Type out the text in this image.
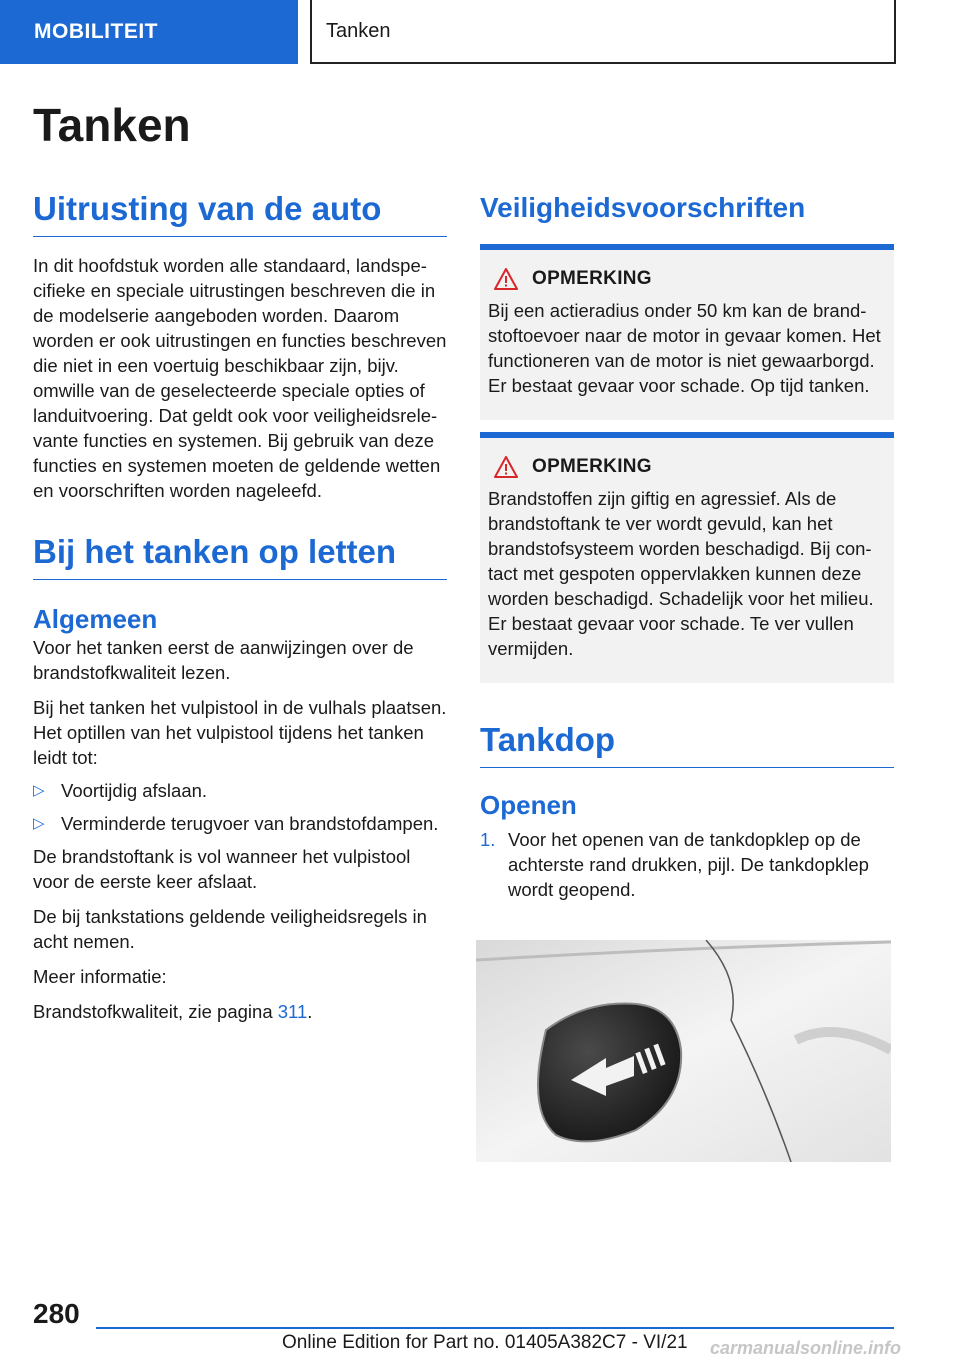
MOBILITEIT	Tanken
Tanken
Uitrusting van de auto

In dit hoofdstuk worden alle standaard, landspecifieke en speciale uitrustingen beschreven die in de modelserie aangeboden worden. Daarom worden er ook uitrustingen en functies beschreven die niet in een voertuig beschikbaar zijn, bijv. omwille van de geselecteerde speciale opties of landuitvoering. Dat geldt ook voor veiligheidsrelevante functies en systemen. Bij gebruik van deze functies en systemen moeten de geldende wetten en voorschriften worden nageleefd.

Bij het tanken op letten
Algemeen

Voor het tanken eerst de aanwijzingen over de brandstofkwaliteit lezen.

Bij het tanken het vulpistool in de vulhals plaatsen. Het optillen van het vulpistool tijdens het tanken leidt tot:

▷ Voortijdig afslaan.
▷ Verminderde terugvoer van brandstofdampen.

De brandstoftank is vol wanneer het vulpistool voor de eerste keer afslaat.

De bij tankstations geldende veiligheidsregels in acht nemen.

Meer informatie:

Brandstofkwaliteit, zie pagina 311.

Veiligheidsvoorschriften
OPMERKING

Bij een actieradius onder 50 km kan de brandstoftoevoer naar de motor in gevaar komen. Het functioneren van de motor is niet gewaarborgd. Er bestaat gevaar voor schade. Op tijd tanken.

OPMERKING

Brandstoffen zijn giftig en agressief. Als de brandstoftank te ver wordt gevuld, kan het brandstofsysteem worden beschadigd. Bij contact met gespoten oppervlakken kunnen deze worden beschadigd. Schadelijk voor het milieu. Er bestaat gevaar voor schade. Te ver vullen vermijden.

Tankdop
Openen
1. Voor het openen van de tankdopklep op de achterste rand drukken, pijl. De tankdopklep wordt geopend.
280
Online Edition for Part no. 01405A382C7 - VI/21 carmanualsonline.info
